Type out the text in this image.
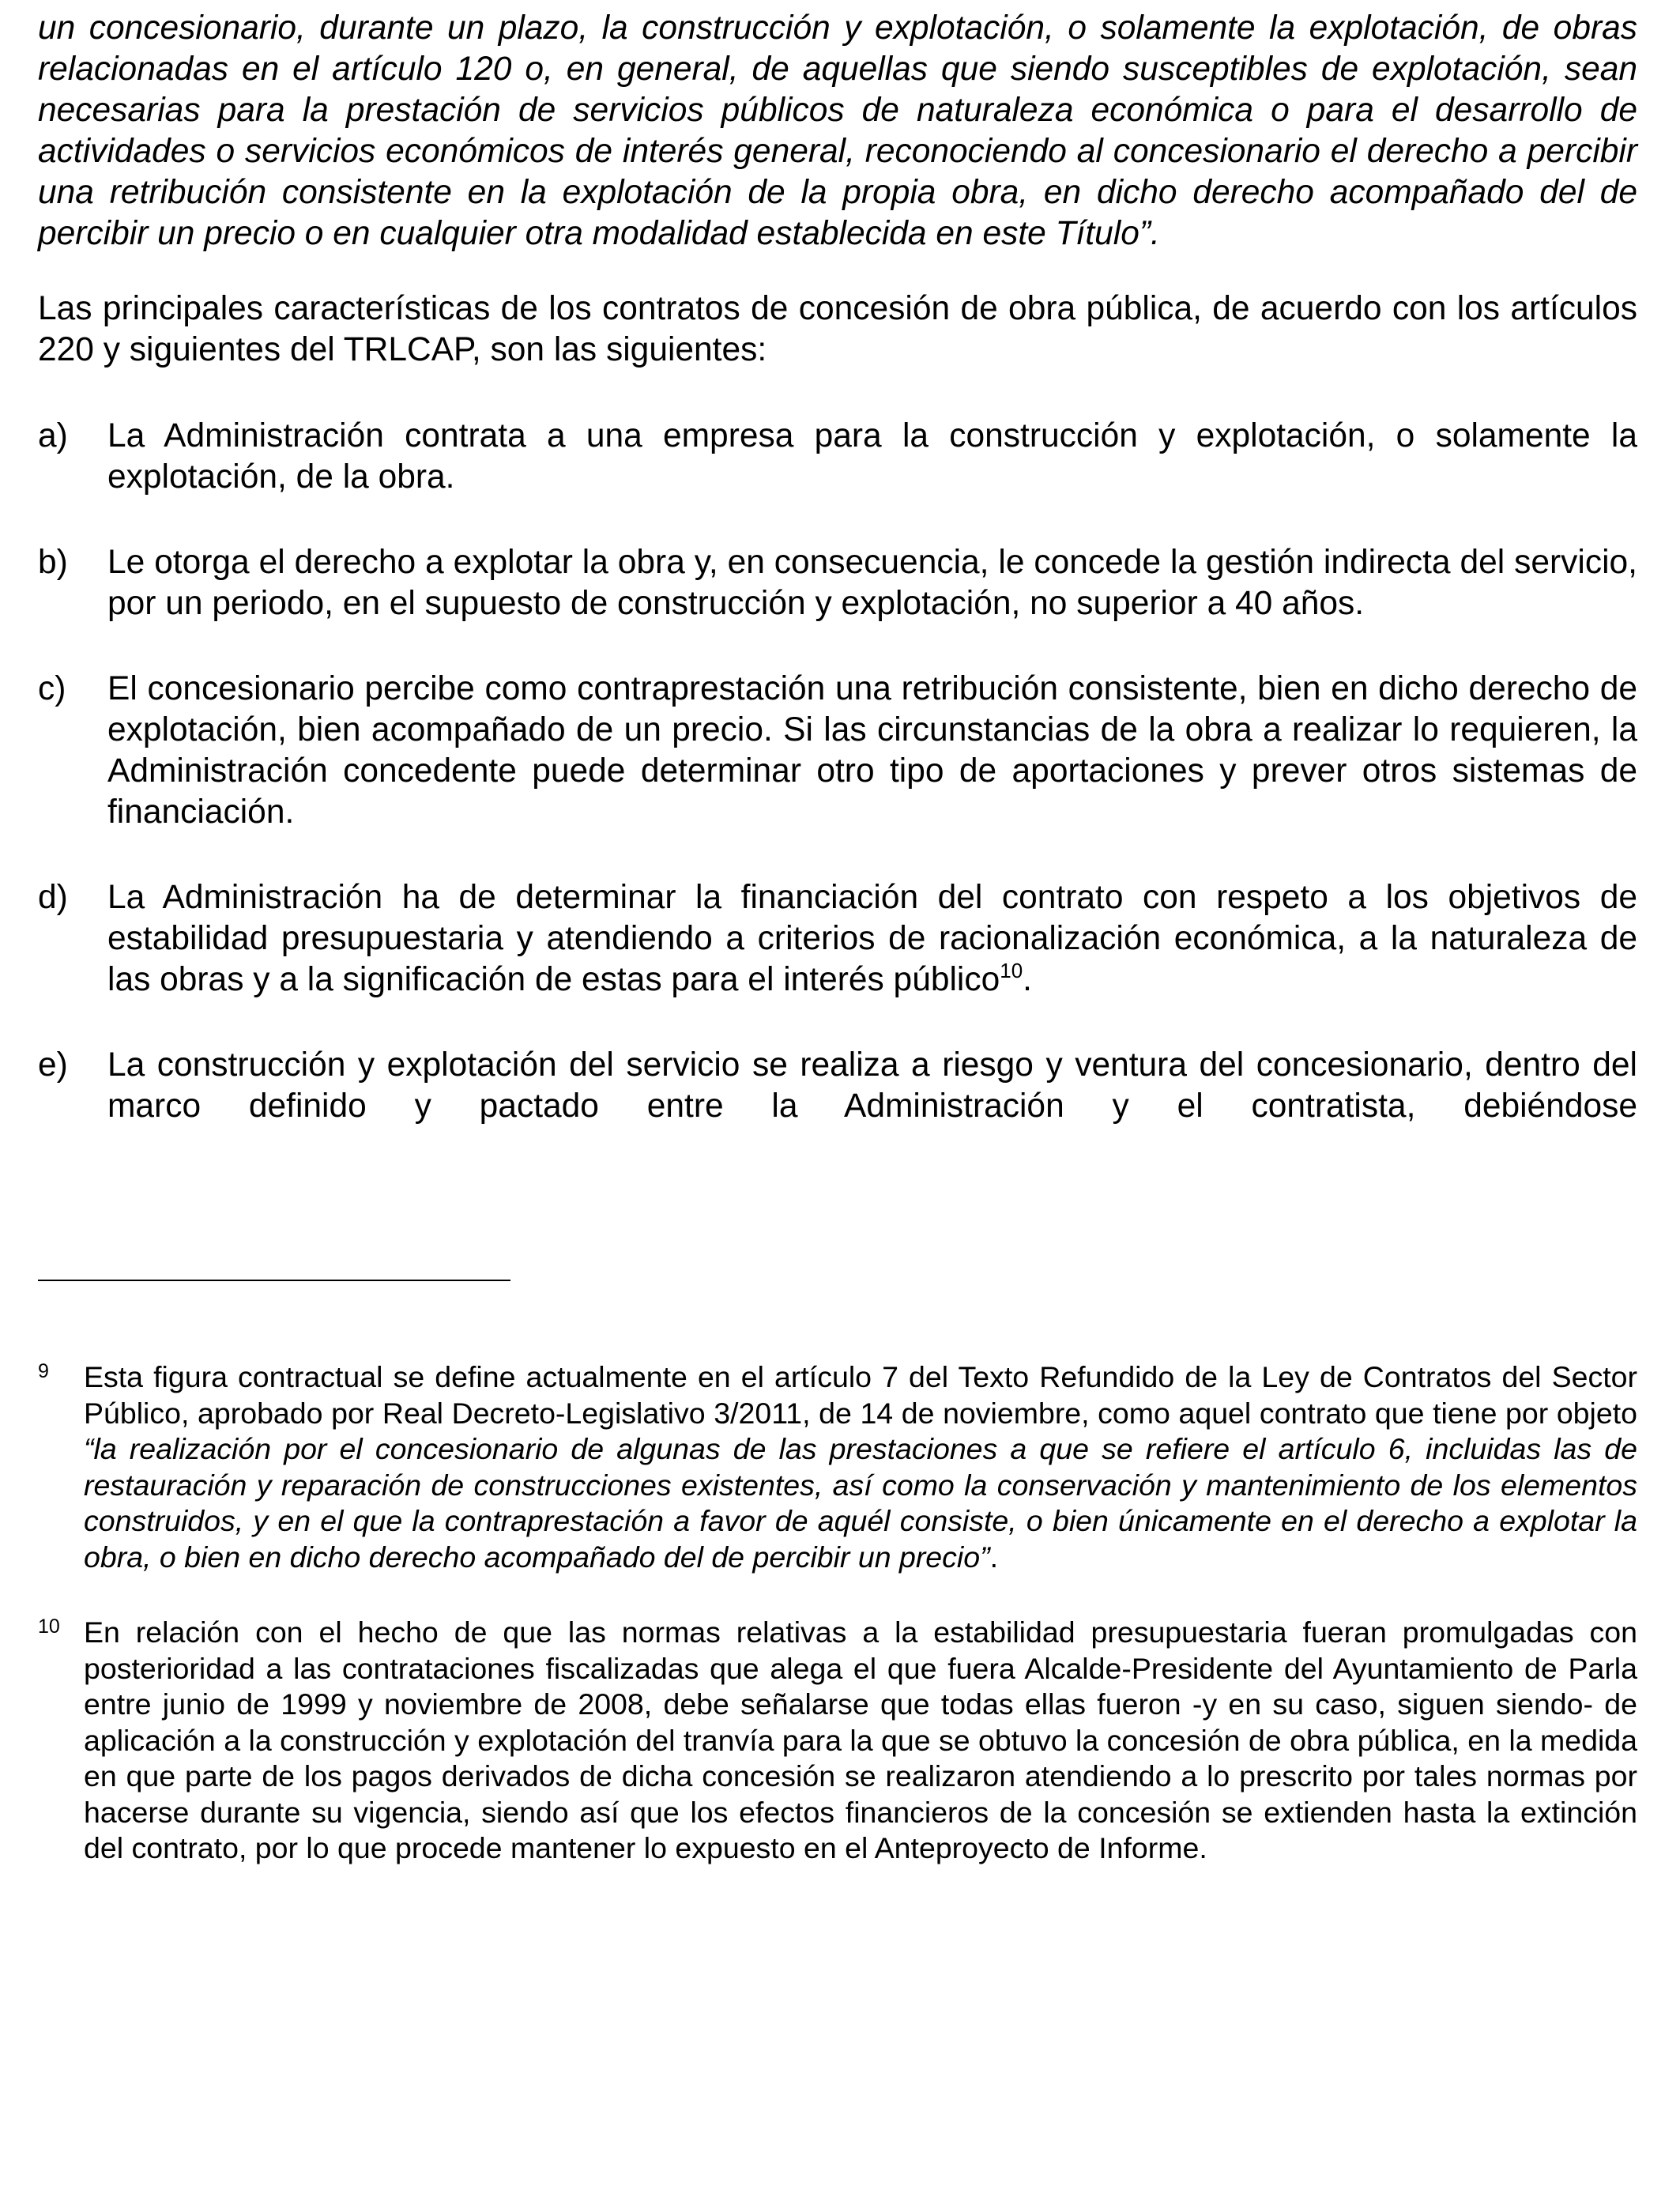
un concesionario, durante un plazo, la construcción y explotación, o solamente la explotación, de obras relacionadas en el artículo 120 o, en general, de aquellas que siendo susceptibles de explotación, sean necesarias para la prestación de servicios públicos de naturaleza económica o para el desarrollo de actividades o servicios económicos de interés general, reconociendo al concesionario el derecho a percibir una retribución consistente en la explotación de la propia obra, en dicho derecho acompañado del de percibir un precio o en cualquier otra modalidad establecida en este Título”.

Las principales características de los contratos de concesión de obra pública, de acuerdo con los artículos 220 y siguientes del TRLCAP, son las siguientes:

a)	La Administración contrata a una empresa para la construcción y explotación, o solamente la explotación, de la obra.
b)	Le otorga el derecho a explotar la obra y, en consecuencia, le concede la gestión indirecta del servicio, por un periodo, en el supuesto de construcción y explotación, no superior a 40 años.
c)	El concesionario percibe como contraprestación una retribución consistente, bien en dicho derecho de explotación, bien acompañado de un precio. Si las circunstancias de la obra a realizar lo requieren, la Administración concedente puede determinar otro tipo de aportaciones y prever otros sistemas de financiación.
d)	La Administración ha de determinar la financiación del contrato con respeto a los objetivos de estabilidad presupuestaria y atendiendo a criterios de racionalización económica, a la naturaleza de las obras y a la significación de estas para el interés público$^{10}$.
e)	La construcción y explotación del servicio se realiza a riesgo y ventura del concesionario, dentro del marco definido y pactado entre la Administración y el contratista, debiéndose
9	Esta figura contractual se define actualmente en el artículo 7 del Texto Refundido de la Ley de Contratos del Sector Público, aprobado por Real Decreto-Legislativo 3/2011, de 14 de noviembre, como aquel contrato que tiene por objeto “la realización por el concesionario de algunas de las prestaciones a que se refiere el artículo 6, incluidas las de restauración y reparación de construcciones existentes, así como la conservación y mantenimiento de los elementos construidos, y en el que la contraprestación a favor de aquél consiste, o bien únicamente en el derecho a explotar la obra, o bien en dicho derecho acompañado del de percibir un precio”.
10 En relación con el hecho de que las normas relativas a la estabilidad presupuestaria fueran promulgadas con posterioridad a las contrataciones fiscalizadas que alega el que fuera Alcalde-Presidente del Ayuntamiento de Parla entre junio de 1999 y noviembre de 2008, debe señalarse que todas ellas fueron -y en su caso, siguen siendo- de aplicación a la construcción y explotación del tranvía para la que se obtuvo la concesión de obra pública, en la medida en que parte de los pagos derivados de dicha concesión se realizaron atendiendo a lo prescrito por tales normas por hacerse durante su vigencia, siendo así que los efectos financieros de la concesión se extienden hasta la extinción del contrato, por lo que procede mantener lo expuesto en el Anteproyecto de Informe.
